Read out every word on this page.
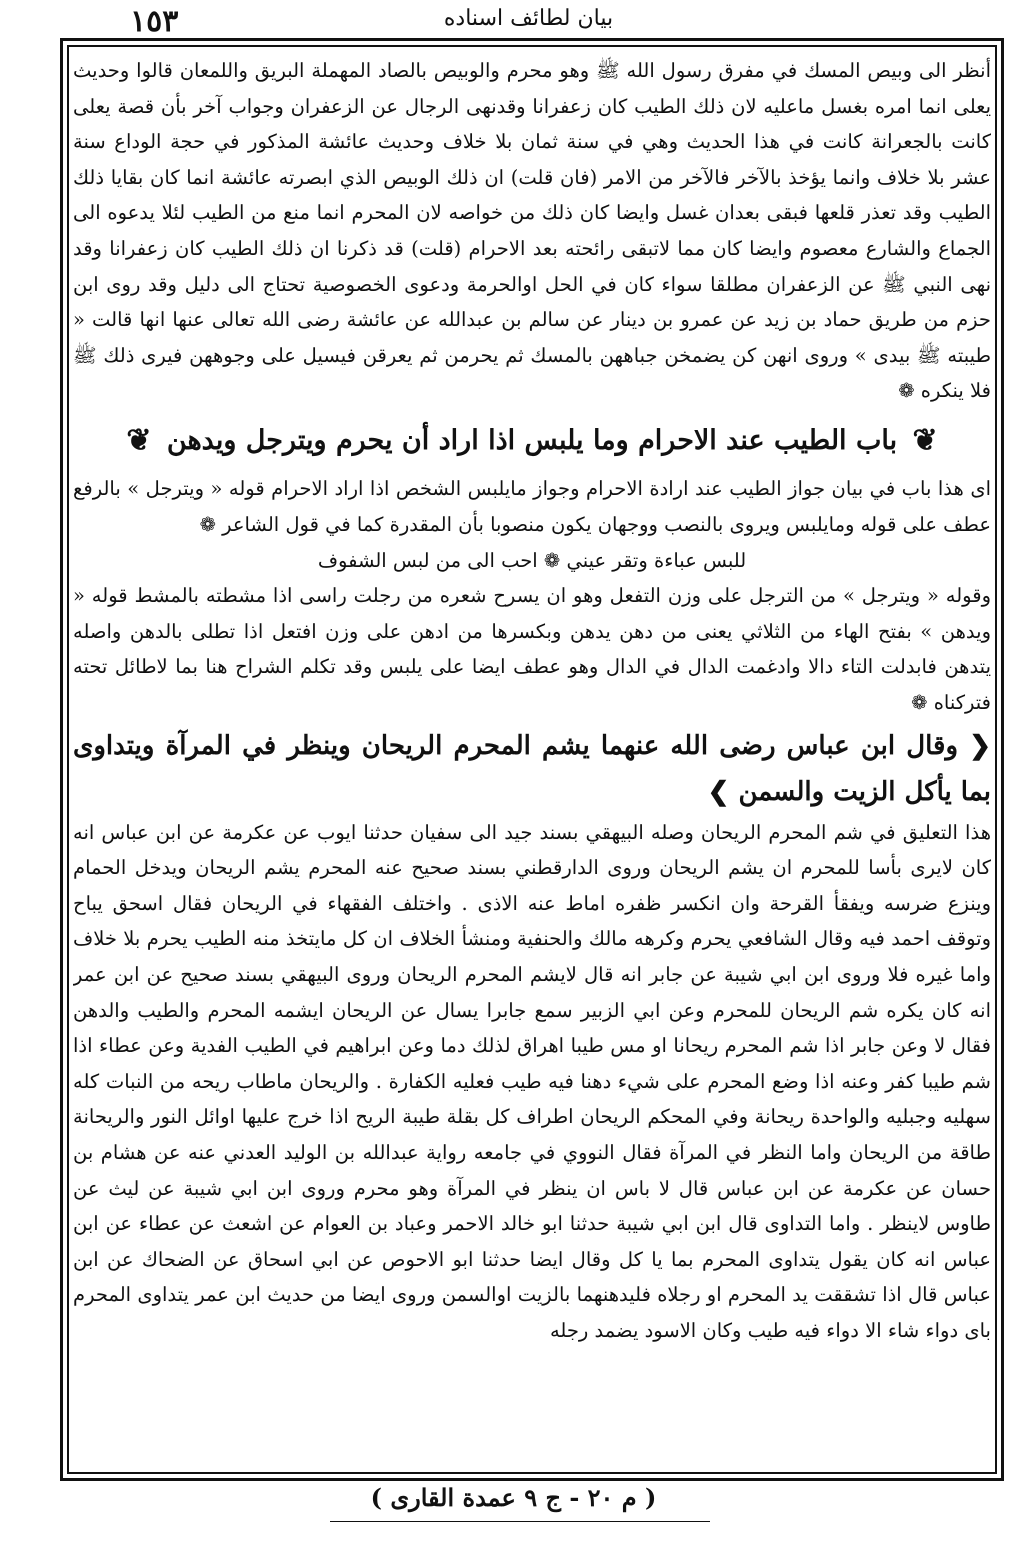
١٥٣	بيان لطائف اسناده

أنظر الى وبيص المسك في مفرق رسول الله ﷺ وهو محرم والوبيص بالصاد المهملة البريق واللمعان قالوا وحديث يعلى انما امره بغسل ماعليه لان ذلك الطيب كان زعفرانا وقدنهى الرجال عن الزعفران وجواب آخر بأن قصة يعلى كانت بالجعرانة كانت في هذا الحديث وهي في سنة ثمان بلا خلاف وحديث عائشة المذكور في حجة الوداع سنة عشر بلا خلاف وانما يؤخذ بالآخر فالآخر من الامر (فان قلت) ان ذلك الوبيص الذي ابصرته عائشة انما كان بقايا ذلك الطيب وقد تعذر قلعها فبقى بعدان غسل وايضا كان ذلك من خواصه لان المحرم انما منع من الطيب لئلا يدعوه الى الجماع والشارع معصوم وايضا كان مما لاتبقى رائحته بعد الاحرام (قلت) قد ذكرنا ان ذلك الطيب كان زعفرانا وقد نهى النبي ﷺ عن الزعفران مطلقا سواء كان في الحل اوالحرمة ودعوى الخصوصية تحتاج الى دليل وقد روى ابن حزم من طريق حماد بن زيد عن عمرو بن دينار عن سالم بن عبدالله عن عائشة رضى الله تعالى عنها انها قالت « طيبته ﷺ بيدى » وروى انهن كن يضمخن جباههن بالمسك ثم يحرمن ثم يعرقن فيسيل على وجوههن فيرى ذلك ﷺ فلا ينكره ❁

❦ باب الطيب عند الاحرام وما يلبس اذا اراد أن يحرم ويترجل ويدهن ❦

اى هذا باب في بيان جواز الطيب عند ارادة الاحرام وجواز مايلبس الشخص اذا اراد الاحرام قوله « ويترجل » بالرفع عطف على قوله ومايلبس ويروى بالنصب ووجهان يكون منصوبا بأن المقدرة كما في قول الشاعر ❁

للبس عباءة وتقر عيني ❁ احب الى من لبس الشفوف

وقوله « ويترجل » من الترجل على وزن التفعل وهو ان يسرح شعره من رجلت راسى اذا مشطته بالمشط قوله « ويدهن » بفتح الهاء من الثلاثي يعنى من دهن يدهن وبكسرها من ادهن على وزن افتعل اذا تطلى بالدهن واصله يتدهن فابدلت التاء دالا وادغمت الدال في الدال وهو عطف ايضا على يلبس وقد تكلم الشراح هنا بما لاطائل تحته فتركناه ❁

❮ وقال ابن عباس رضى الله عنهما يشم المحرم الريحان وينظر في المرآة ويتداوى بما يأكل الزيت والسمن ❯

هذا التعليق في شم المحرم الريحان وصله البيهقي بسند جيد الى سفيان حدثنا ايوب عن عكرمة عن ابن عباس انه كان لايرى بأسا للمحرم ان يشم الريحان وروى الدارقطني بسند صحيح عنه المحرم يشم الريحان ويدخل الحمام وينزع ضرسه ويفقأ القرحة وان انكسر ظفره اماط عنه الاذى . واختلف الفقهاء في الريحان فقال اسحق يباح وتوقف احمد فيه وقال الشافعي يحرم وكرهه مالك والحنفية ومنشأ الخلاف ان كل مايتخذ منه الطيب يحرم بلا خلاف واما غيره فلا وروى ابن ابي شيبة عن جابر انه قال لايشم المحرم الريحان وروى البيهقي بسند صحيح عن ابن عمر انه كان يكره شم الريحان للمحرم وعن ابي الزبير سمع جابرا يسال عن الريحان ايشمه المحرم والطيب والدهن فقال لا وعن جابر اذا شم المحرم ريحانا او مس طيبا اهراق لذلك دما وعن ابراهيم في الطيب الفدية وعن عطاء اذا شم طيبا كفر وعنه اذا وضع المحرم على شيء دهنا فيه طيب فعليه الكفارة . والريحان ماطاب ريحه من النبات كله سهليه وجبليه والواحدة ريحانة وفي المحكم الريحان اطراف كل بقلة طيبة الريح اذا خرج عليها اوائل النور والريحانة طاقة من الريحان واما النظر في المرآة فقال النووي في جامعه رواية عبدالله بن الوليد العدني عنه عن هشام بن حسان عن عكرمة عن ابن عباس قال لا باس ان ينظر في المرآة وهو محرم وروى ابن ابي شيبة عن ليث عن طاوس لاينظر . واما التداوى قال ابن ابي شيبة حدثنا ابو خالد الاحمر وعباد بن العوام عن اشعث عن عطاء عن ابن عباس انه كان يقول يتداوى المحرم بما يا كل وقال ايضا حدثنا ابو الاحوص عن ابي اسحاق عن الضحاك عن ابن عباس قال اذا تشققت يد المحرم او رجلاه فليدهنهما بالزيت اوالسمن وروى ايضا من حديث ابن عمر يتداوى المحرم باى دواء شاء الا دواء فيه طيب وكان الاسود يضمد رجله

( م ٢٠ - ج ٩ عمدة القارى )
